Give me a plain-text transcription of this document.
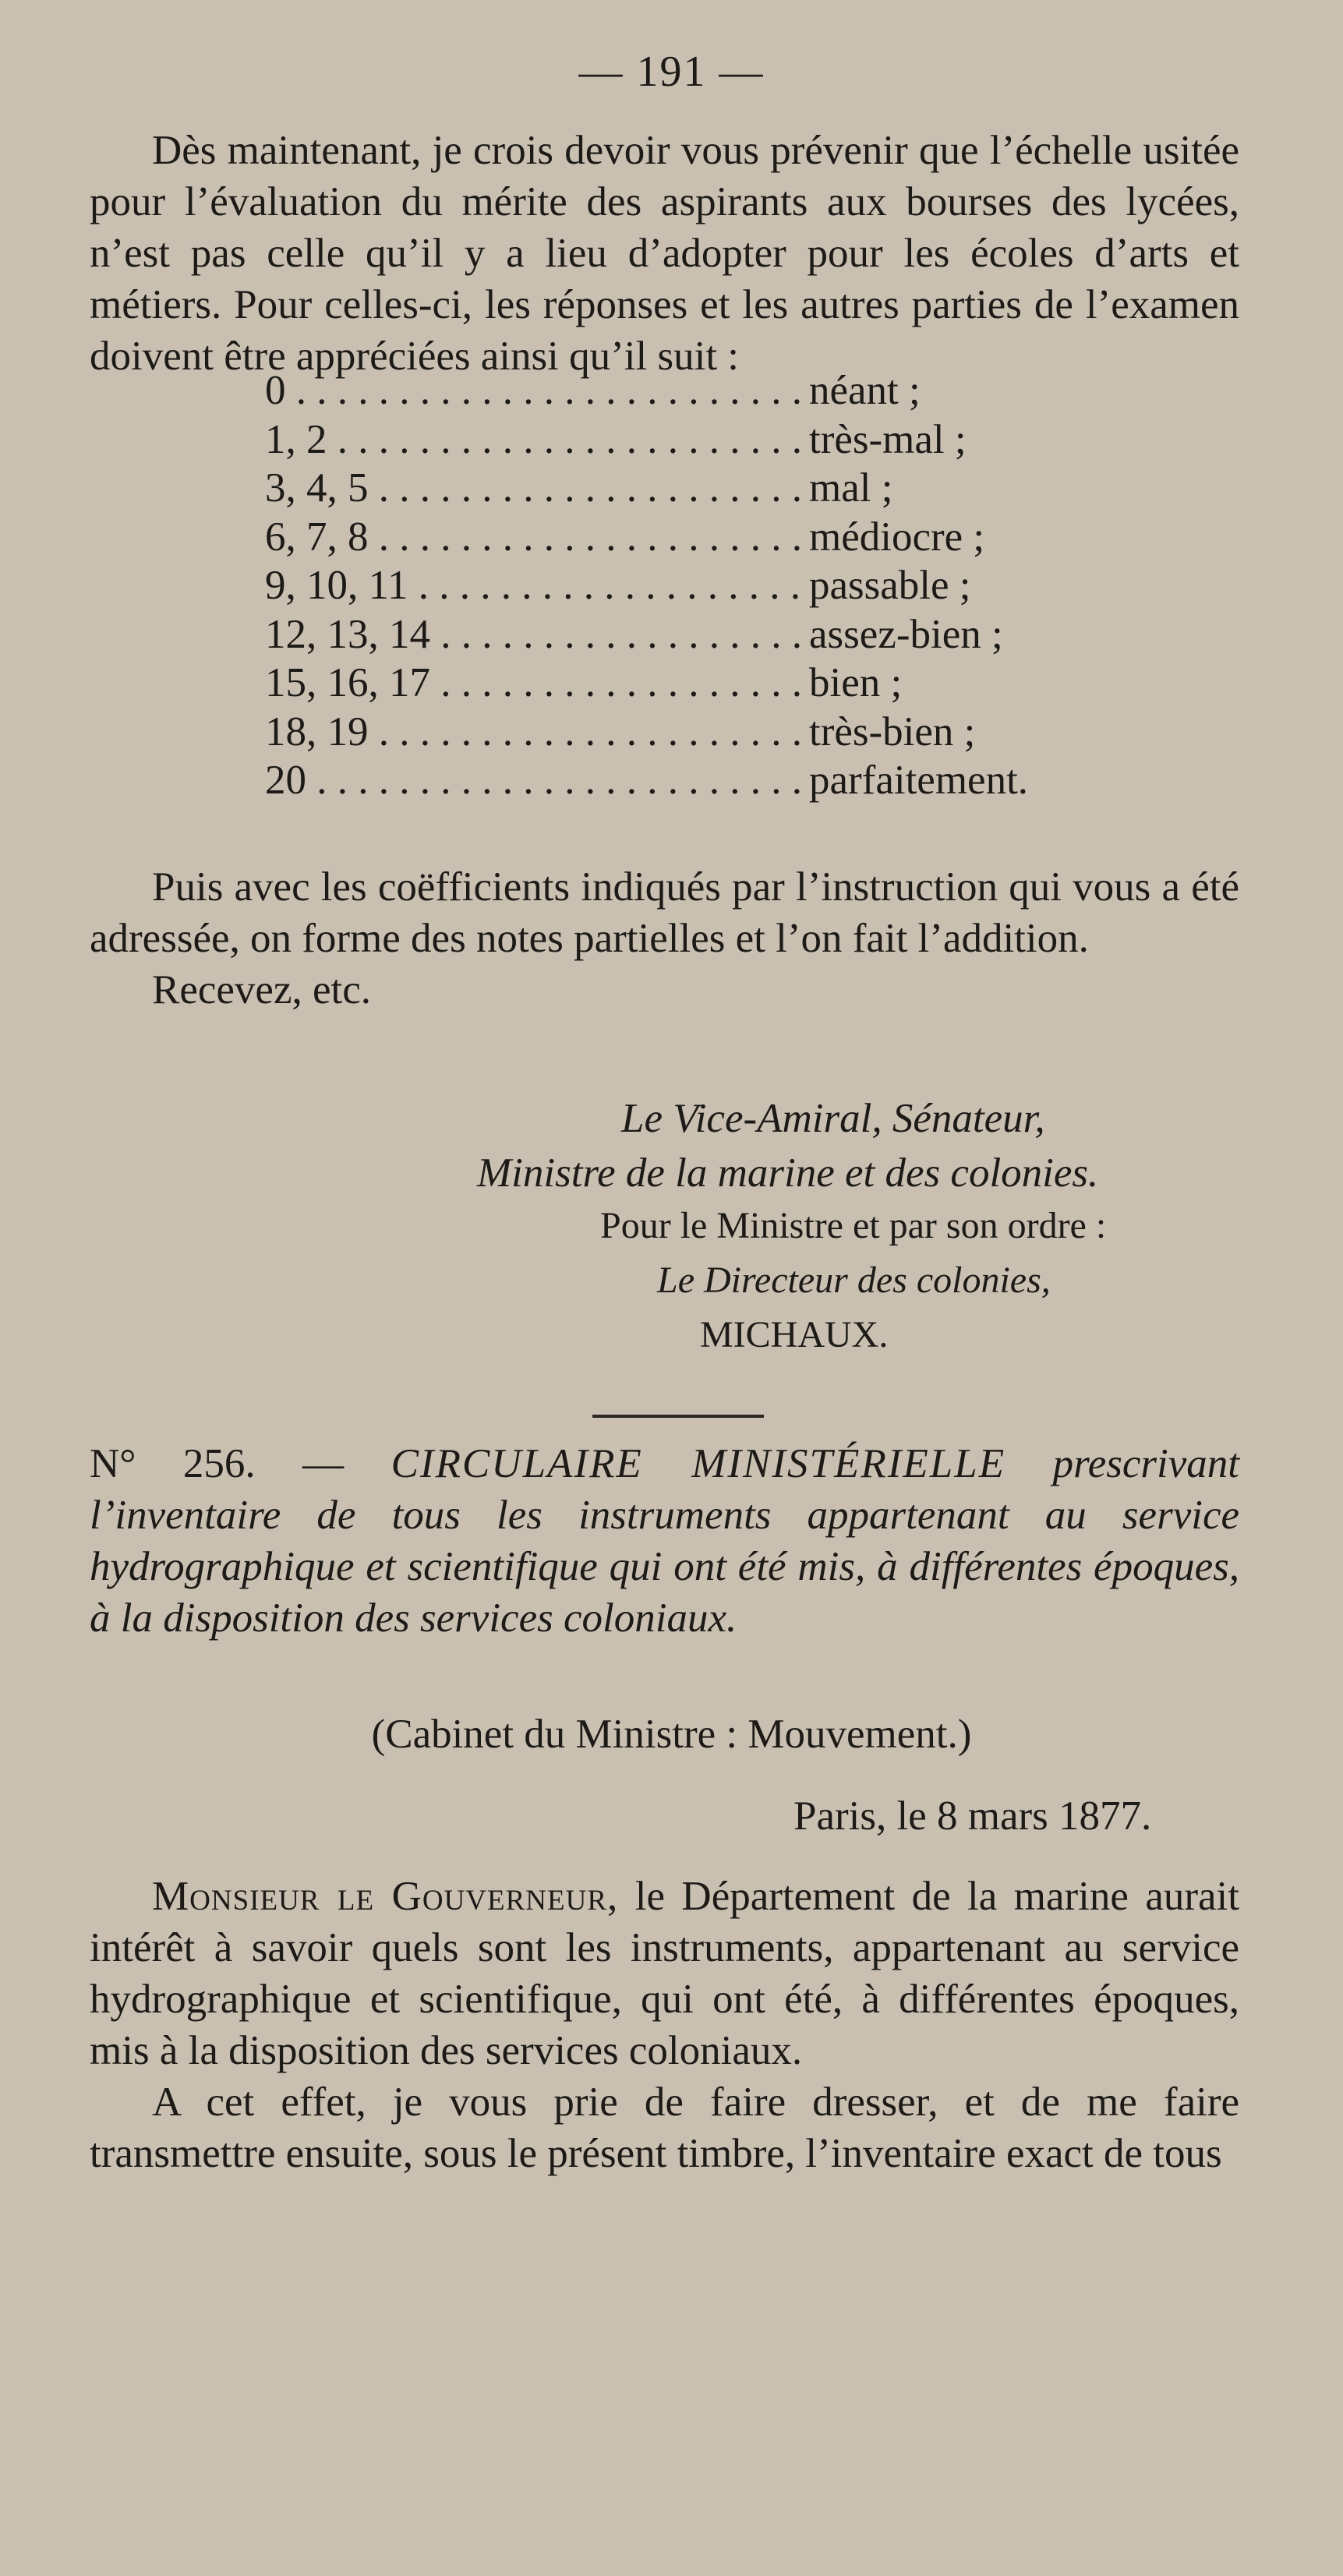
— 191 —

Dès maintenant, je crois devoir vous prévenir que l’échelle usitée pour l’évaluation du mérite des aspirants aux bourses des lycées, n’est pas celle qu’il y a lieu d’adopter pour les écoles d’arts et métiers. Pour celles-ci, les réponses et les autres parties de l’examen doivent être appréciées ainsi qu’il suit :

0 . . .	néant ;
1, 2 . . .	très-mal ;
3, 4, 5 . . .	mal ;
6, 7, 8 . . .	médiocre ;
9, 10, 11 . . .	passable ;
12, 13, 14 . . .	assez-bien ;
15, 16, 17 . . .	bien ;
18, 19 . . .	très-bien ;
20 . . .	parfaitement.

Puis avec les coëfficients indiqués par l’instruction qui vous a été adressée, on forme des notes partielles et l’on fait l’addition.

Recevez, etc.

Le Vice-Amiral, Sénateur,
Ministre de la marine et des colonies.
Pour le Ministre et par son ordre :
Le Directeur des colonies,
MICHAUX.
N° 256. — CIRCULAIRE MINISTÉRIELLE prescrivant l’inventaire de tous les instruments appartenant au service hydrographique et scientifique qui ont été mis, à différentes époques, à la disposition des services coloniaux.
(Cabinet du Ministre : Mouvement.)
Paris, le 8 mars 1877.

Monsieur le Gouverneur, le Département de la marine aurait intérêt à savoir quels sont les instruments, appartenant au service hydrographique et scientifique, qui ont été, à différentes époques, mis à la disposition des services coloniaux.

A cet effet, je vous prie de faire dresser, et de me faire transmettre ensuite, sous le présent timbre, l’inventaire exact de tous
